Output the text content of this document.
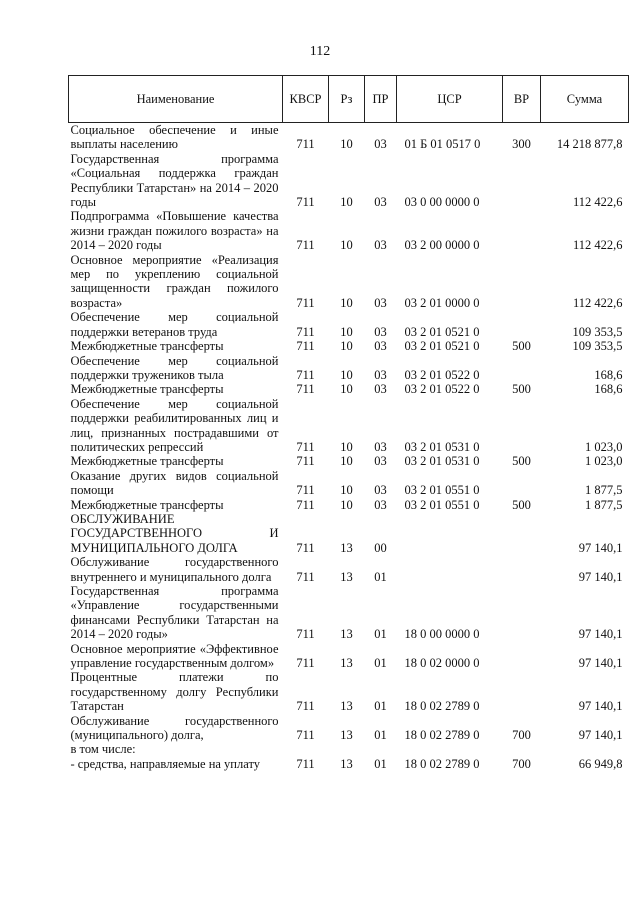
112
Наименование	КВСР	Рз	ПР	ЦСР	ВР	Сумма
Социальное обеспечение и иные выплаты населению	711	10	03	01 Б 01 0517 0	300	14 218 877,8
Государственная программа «Социальная поддержка граждан Республики Татарстан» на 2014 – 2020 годы	711	10	03	03 0 00 0000 0		112 422,6
Подпрограмма «Повышение качества жизни граждан пожилого возраста» на 2014 – 2020 годы	711	10	03	03 2 00 0000 0		112 422,6
Основное мероприятие «Реализация мер по укреплению социальной защищенности граждан пожилого возраста»	711	10	03	03 2 01 0000 0		112 422,6
Обеспечение мер социальной поддержки ветеранов труда	711	10	03	03 2 01 0521 0		109 353,5
Межбюджетные трансферты	711	10	03	03 2 01 0521 0	500	109 353,5
Обеспечение мер социальной поддержки тружеников тыла	711	10	03	03 2 01 0522 0		168,6
Межбюджетные трансферты	711	10	03	03 2 01 0522 0	500	168,6
Обеспечение мер социальной поддержки реабилитированных лиц и лиц, признанных пострадавшими от политических репрессий	711	10	03	03 2 01 0531 0		1 023,0
Межбюджетные трансферты	711	10	03	03 2 01 0531 0	500	1 023,0
Оказание других видов социальной помощи	711	10	03	03 2 01 0551 0		1 877,5
Межбюджетные трансферты	711	10	03	03 2 01 0551 0	500	1 877,5
ОБСЛУЖИВАНИЕ ГОСУДАРСТВЕННОГО И МУНИЦИПАЛЬНОГО ДОЛГА	711	13	00			97 140,1
Обслуживание государственного внутреннего и муниципального долга	711	13	01			97 140,1
Государственная программа «Управление государственными финансами Республики Татарстан на 2014 – 2020 годы»	711	13	01	18 0 00 0000 0		97 140,1
Основное мероприятие «Эффективное управление государственным долгом»	711	13	01	18 0 02 0000 0		97 140,1
Процентные платежи по государственному долгу Республики Татарстан	711	13	01	18 0 02 2789 0		97 140,1
Обслуживание государственного (муниципального) долга,	711	13	01	18 0 02 2789 0	700	97 140,1
в том числе:						
- средства, направляемые на уплату	711	13	01	18 0 02 2789 0	700	66 949,8
